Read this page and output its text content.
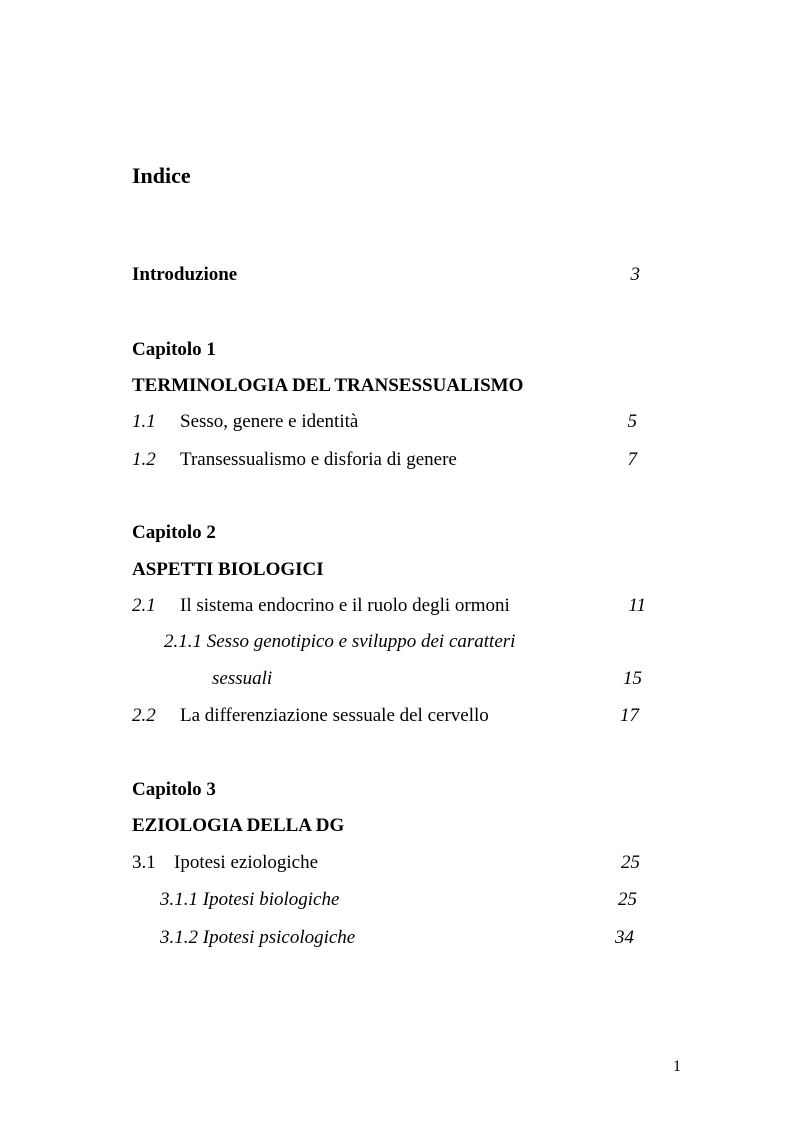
Indice
Introduzione	3
Capitolo 1
TERMINOLOGIA DEL TRANSESSUALISMO
1.1 Sesso, genere e identità	5
1.2 Transessualismo e disforia di genere	7
Capitolo 2
ASPETTI BIOLOGICI
2.1 Il sistema endocrino e il ruolo degli ormoni	11
2.1.1 Sesso genotipico e sviluppo dei caratteri
sessuali	15
2.2 La differenziazione sessuale del cervello	17
Capitolo 3
EZIOLOGIA DELLA DG
3.1 Ipotesi eziologiche	25
3.1.1 Ipotesi biologiche	25
3.1.2 Ipotesi psicologiche	34
1
